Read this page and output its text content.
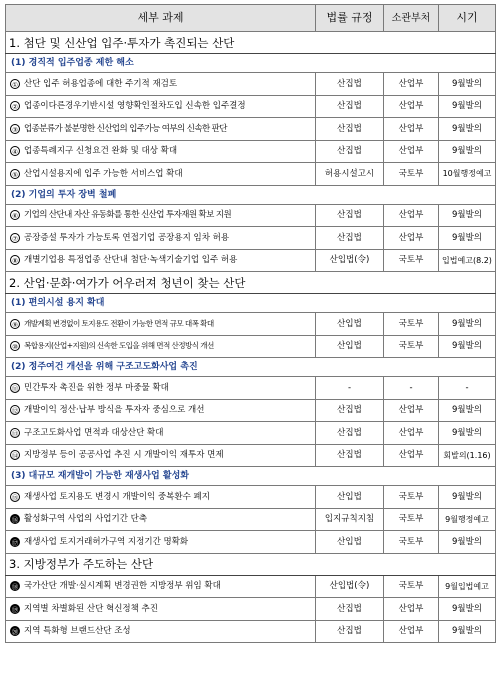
세부 과제	법률 규정	소관부처	시기
1. 첨단 및 신산업 입주·투자가 촉진되는 산단			
(1) 경직적 입주업종 제한 해소			
① 산단 입주 허용업종에 대한 주기적 재검토	산집법	산업부	9월발의
② 업종이다른경우기반시설 영향확인절차도입 신속한 입주결정	산집법	산업부	9월발의
③ 업종분류가 불분명한 신산업의 입주가능 여부의 신속한 판단	산집법	산업부	9월발의
④ 업종특례지구 신청요건 완화 및 대상 확대	산집법	산업부	9월발의
⑤ 산업시설용지에 입주 가능한 서비스업 확대	허용시설고시	국토부	10월행정예고
(2) 기업의 투자 장벽 철폐			
⑥ 기업의 산단내 자산 유동화를 통한 신산업 투자재원 확보 지원	산집법	산업부	9월발의
⑦ 공장증설 투자가 가능토록 연접기업 공장용지 임차 허용	산집법	산업부	9월발의
⑧ 개별기업용 특정업종 산단내 첨단·녹색기술기업 입주 허용	산입법(令)	국토부	입법예고(8.2)
2. 산업·문화·여가가 어우러져 청년이 찾는 산단			
(1) 편의시설 용지 확대			
⑨ 개발계획 변경없이 토지용도 전환이 가능한 면적 규모 대폭 확대	산입법	국토부	9월발의
⑩ 복합용지(산업+지원)의 신속한 도입을 위해 면적 산정방식 개선	산입법	국토부	9월발의
(2) 정주여건 개선을 위해 구조고도화사업 촉진			
⑪ 민간투자 촉진을 위한 정부 마중물 확대	-	-	-
⑫ 개발이익 정산·납부 방식을 투자자 중심으로 개선	산집법	산업부	9월발의
⑬ 구조고도화사업 면적과 대상산단 확대	산집법	산업부	9월발의
⑭ 지방정부 등이 공공사업 추진 시 개발이익 재투자 면제	산집법	산업부	회발의(1.16)
(3) 대규모 재개발이 가능한 재생사업 활성화			
⑮ 재생사업 토지용도 변경시 개발이익 중복환수 폐지	산입법	국토부	9월발의
⑯ 활성화구역 사업의 사업기간 단축	입지규칙지침	국토부	9월행정예고
⑰ 재생사업 토지거래허가구역 지정기간 명확화	산입법	국토부	9월발의
3. 지방정부가 주도하는 산단			
⑱ 국가산단 개발·실시계획 변경권한 지방정부 위임 확대	산입법(令)	국토부	9월입법예고
⑲ 지역별 차별화된 산단 혁신정책 추진	산집법	산업부	9월발의
⑳ 지역 특화형 브랜드산단 조성	산집법	산업부	9월발의
